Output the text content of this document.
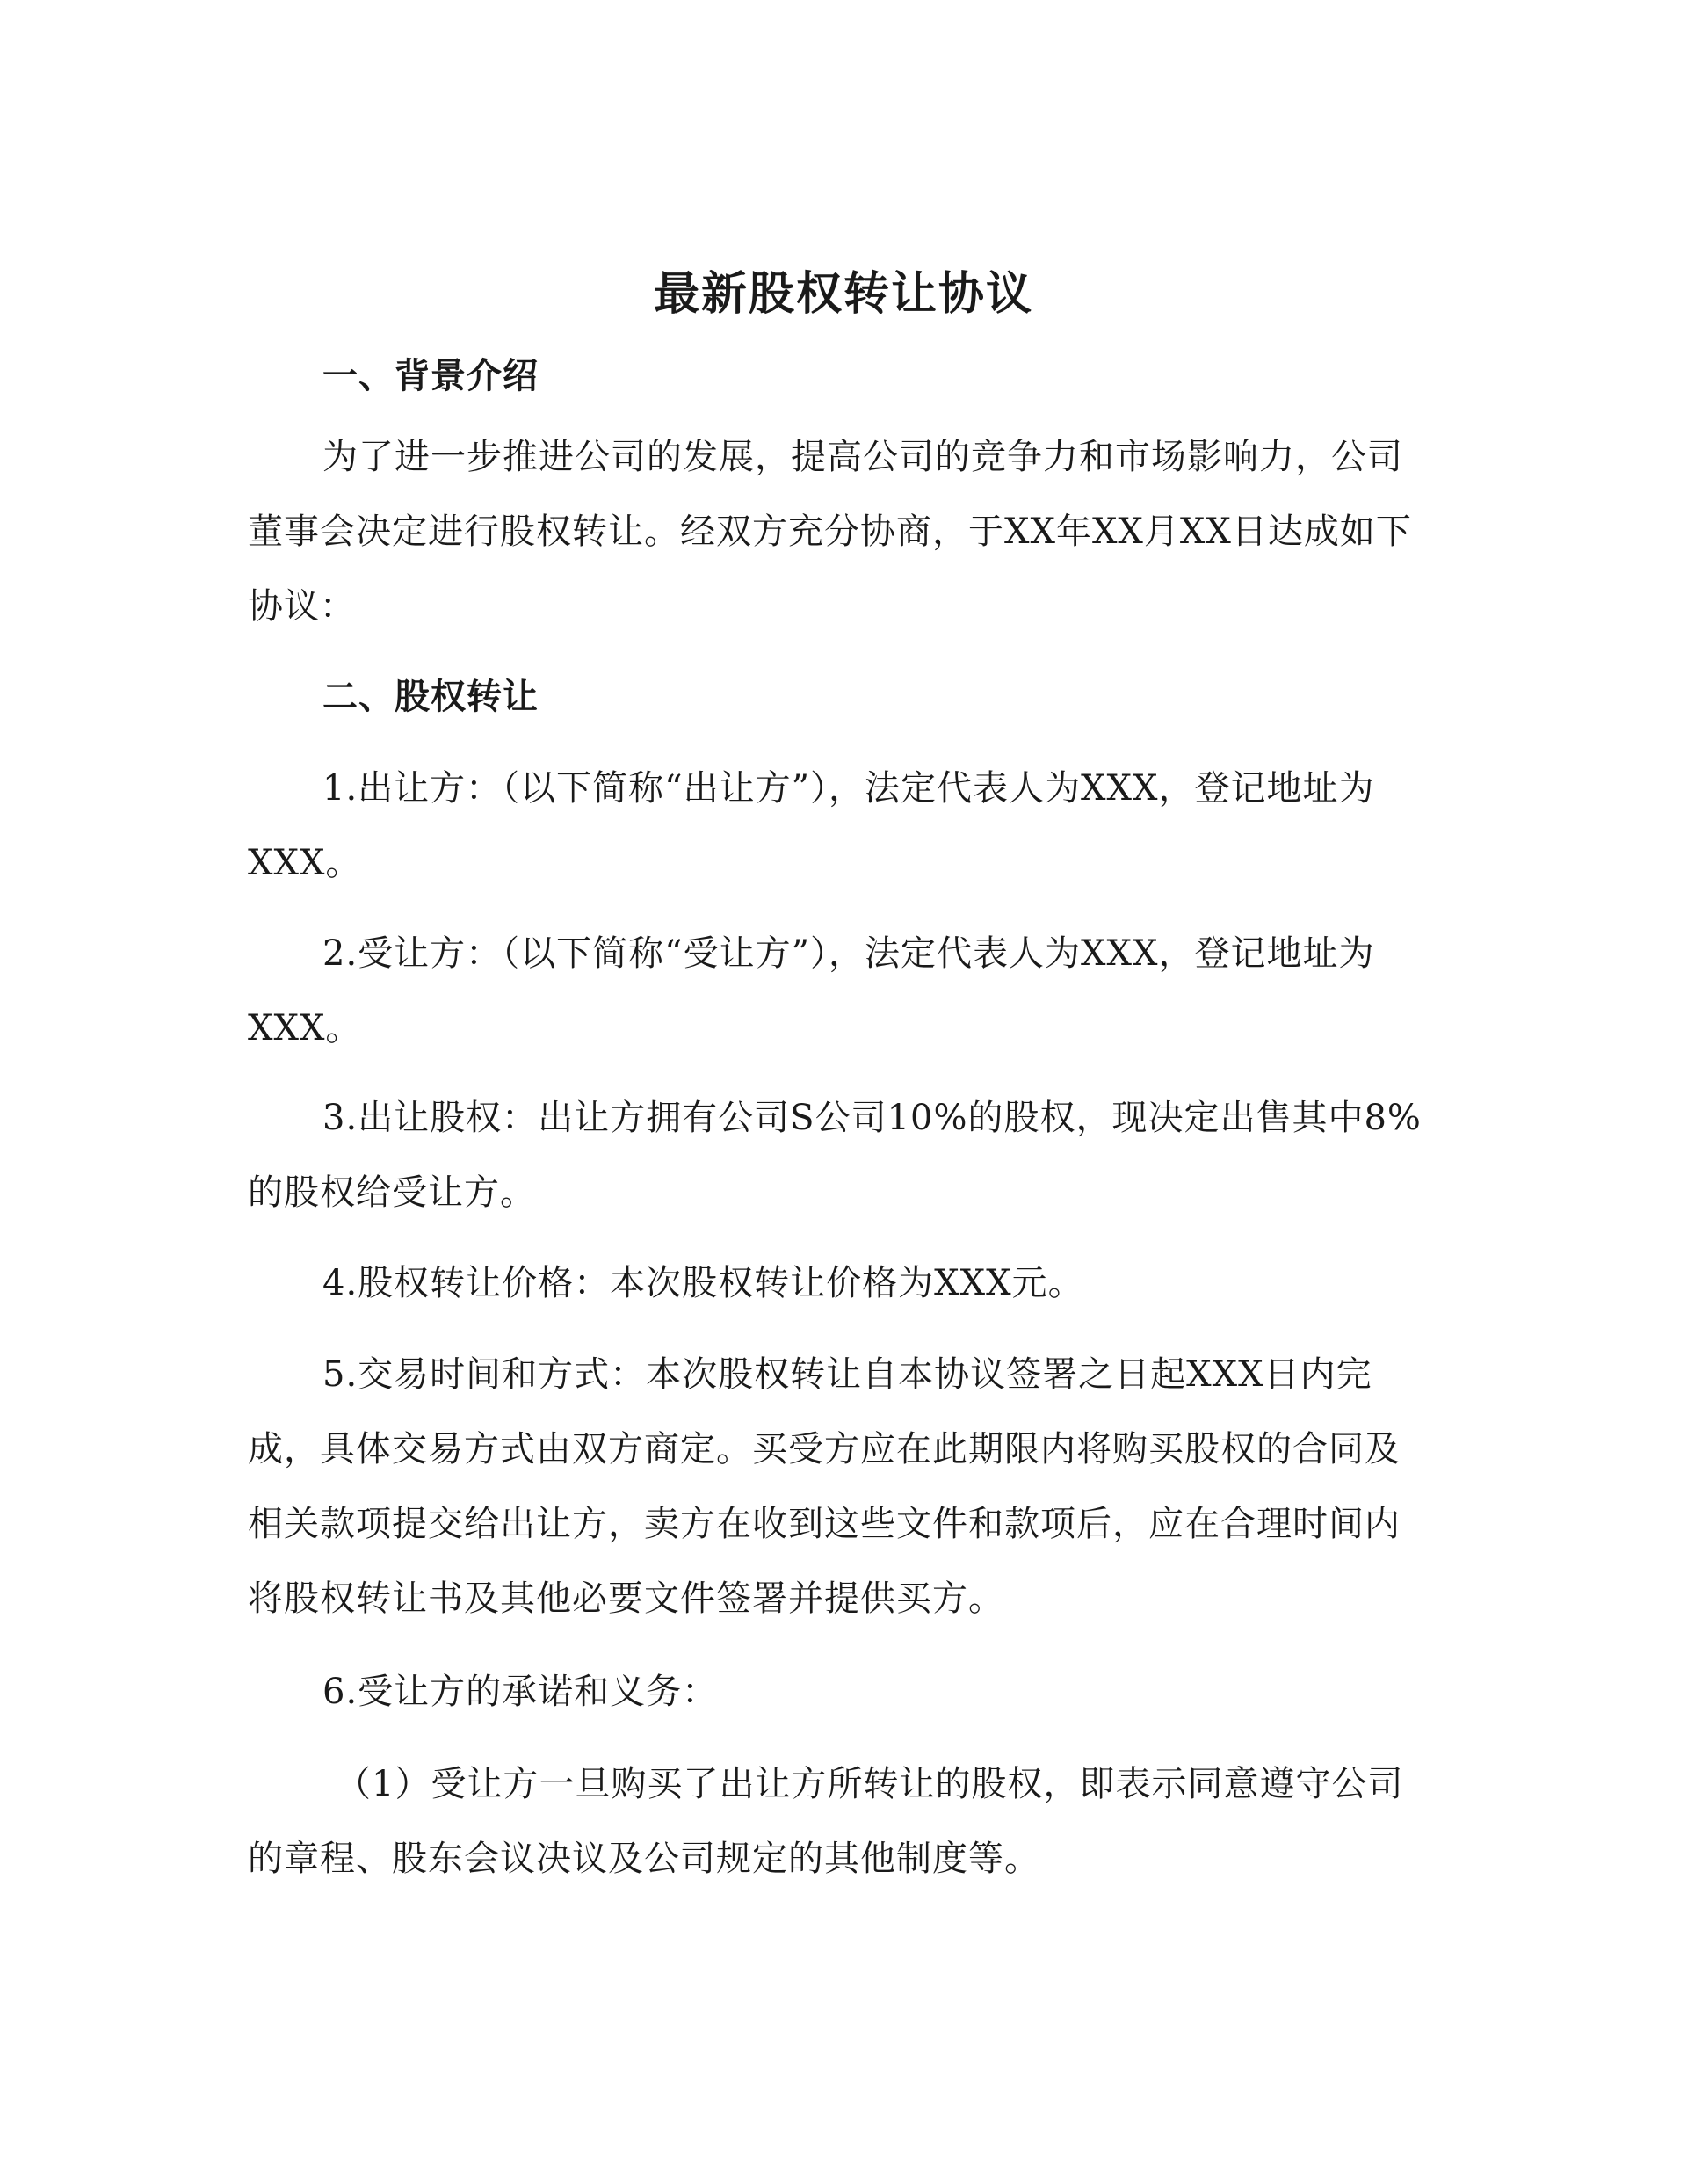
最新股权转让协议
一、背景介绍
为了进一步推进公司的发展，提高公司的竞争力和市场影响力，公司董事会决定进行股权转让。经双方充分协商，于XX年XX月XX日达成如下协议：
二、股权转让
1.出让方：（以下简称“出让方”），法定代表人为XXX，登记地址为XXX。
2.受让方：（以下简称“受让方”），法定代表人为XXX，登记地址为XXX。
3.出让股权：出让方拥有公司S公司10%的股权，现决定出售其中8%的股权给受让方。
4.股权转让价格：本次股权转让价格为XXX元。
5.交易时间和方式：本次股权转让自本协议签署之日起XXX日内完成，具体交易方式由双方商定。买受方应在此期限内将购买股权的合同及相关款项提交给出让方，卖方在收到这些文件和款项后，应在合理时间内将股权转让书及其他必要文件签署并提供买方。
6.受让方的承诺和义务：
（1）受让方一旦购买了出让方所转让的股权，即表示同意遵守公司的章程、股东会议决议及公司规定的其他制度等。
